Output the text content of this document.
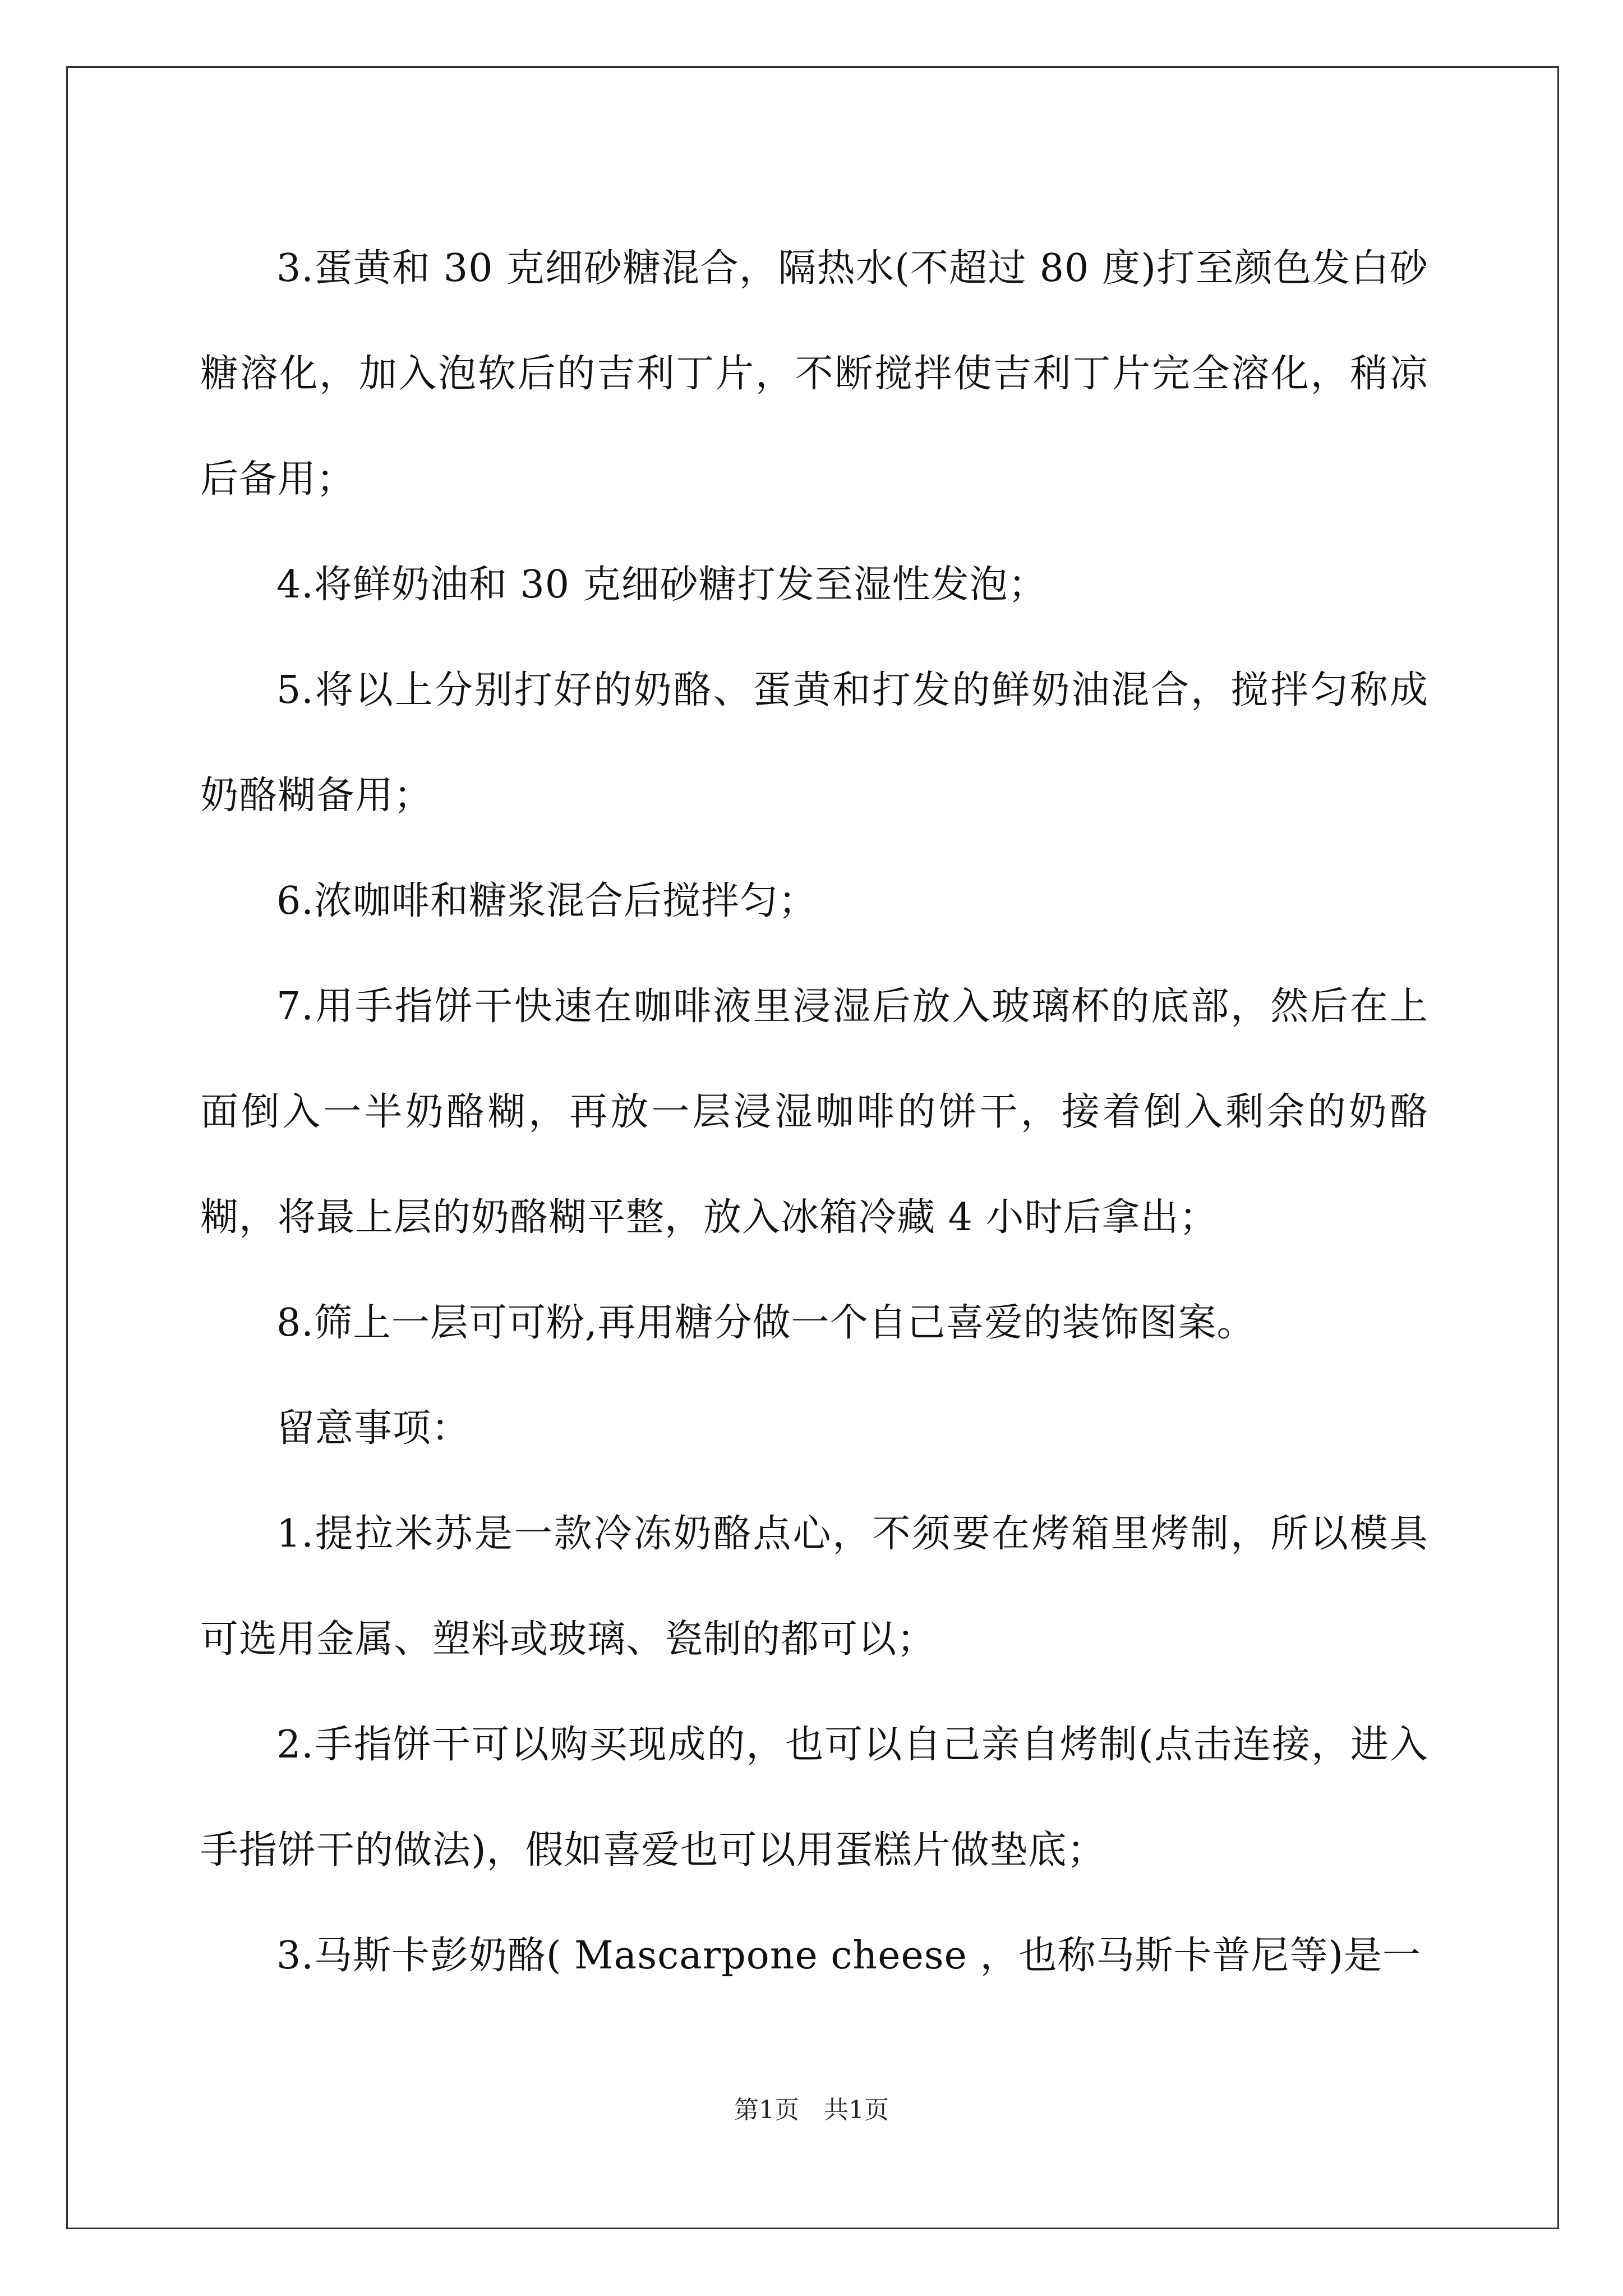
3.蛋黄和 30 克细砂糖混合，隔热水(不超过 80 度)打至颜色发白砂糖溶化，加入泡软后的吉利丁片，不断搅拌使吉利丁片完全溶化，稍凉后备用；

4.将鲜奶油和 30 克细砂糖打发至湿性发泡；

5.将以上分别打好的奶酪、蛋黄和打发的鲜奶油混合，搅拌匀称成奶酪糊备用；

6.浓咖啡和糖浆混合后搅拌匀；

7.用手指饼干快速在咖啡液里浸湿后放入玻璃杯的底部，然后在上面倒入一半奶酪糊，再放一层浸湿咖啡的饼干，接着倒入剩余的奶酪糊，将最上层的奶酪糊平整，放入冰箱冷藏 4 小时后拿出；

8.筛上一层可可粉,再用糖分做一个自己喜爱的装饰图案。

留意事项：

1.提拉米苏是一款冷冻奶酪点心，不须要在烤箱里烤制，所以模具可选用金属、塑料或玻璃、瓷制的都可以；

2.手指饼干可以购买现成的，也可以自己亲自烤制(点击连接，进入手指饼干的做法)，假如喜爱也可以用蛋糕片做垫底；

3.马斯卡彭奶酪( Mascarpone cheese ，也称马斯卡普尼等)是一

第1页 共1页
